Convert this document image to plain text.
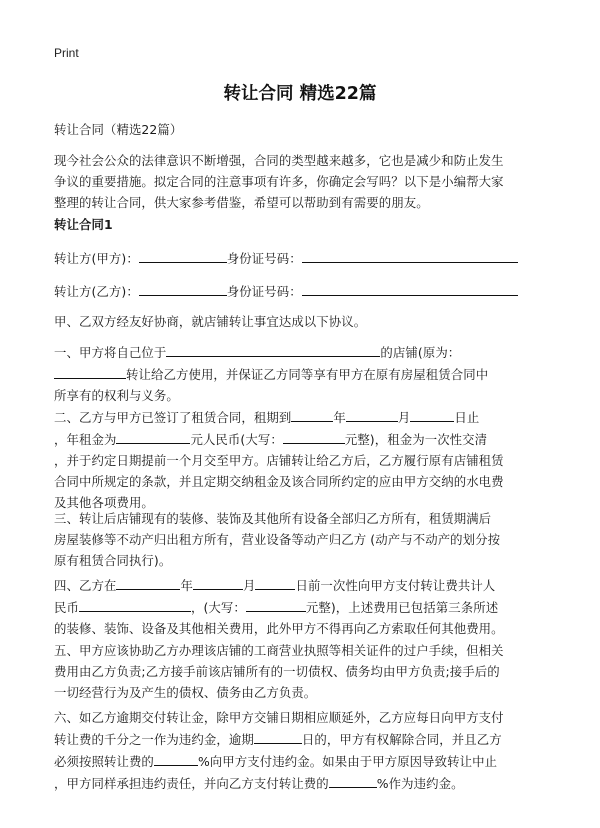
Print
转让合同 精选22篇

转让合同（精选22篇）

现今社会公众的法律意识不断增强，合同的类型越来越多，它也是减少和防止发生
争议的重要措施。拟定合同的注意事项有许多，你确定会写吗？以下是小编帮大家
整理的转让合同，供大家参考借鉴，希望可以帮助到有需要的朋友。

转让合同1

转让方(甲方)：	身份证号码：

转让方(乙方)：	身份证号码：

甲、乙双方经友好协商，就店铺转让事宜达成以下协议。

一、甲方将自己位于	的店铺(原为：
转让给乙方使用，并保证乙方同等享有甲方在原有房屋租赁合同中
所享有的权利与义务。
二、乙方与甲方已签订了租赁合同，租期到	年	月	日止
，年租金为	元人民币(大写：	元整)，租金为一次性交清
，并于约定日期提前一个月交至甲方。店铺转让给乙方后，乙方履行原有店铺租赁
合同中所规定的条款，并且定期交纳租金及该合同所约定的应由甲方交纳的水电费
及其他各项费用。
三、转让后店铺现有的装修、装饰及其他所有设备全部归乙方所有，租赁期满后
房屋装修等不动产归出租方所有，营业设备等动产归乙方 (动产与不动产的划分按
原有租赁合同执行)。
四、乙方在	年	月	日前一次性向甲方支付转让费共计人
民币	，(大写：	元整)，上述费用已包括第三条所述
的装修、装饰、设备及其他相关费用，此外甲方不得再向乙方索取任何其他费用。
五、甲方应该协助乙方办理该店铺的工商营业执照等相关证件的过户手续，但相关
费用由乙方负责;乙方接手前该店铺所有的一切债权、债务均由甲方负责;接手后的
一切经营行为及产生的债权、债务由乙方负责。
六、如乙方逾期交付转让金，除甲方交铺日期相应顺延外，乙方应每日向甲方支付
转让费的千分之一作为违约金，逾期	日的，甲方有权解除合同，并且乙方
必须按照转让费的	%向甲方支付违约金。如果由于甲方原因导致转让中止
，甲方同样承担违约责任，并向乙方支付转让费的	%作为违约金。
